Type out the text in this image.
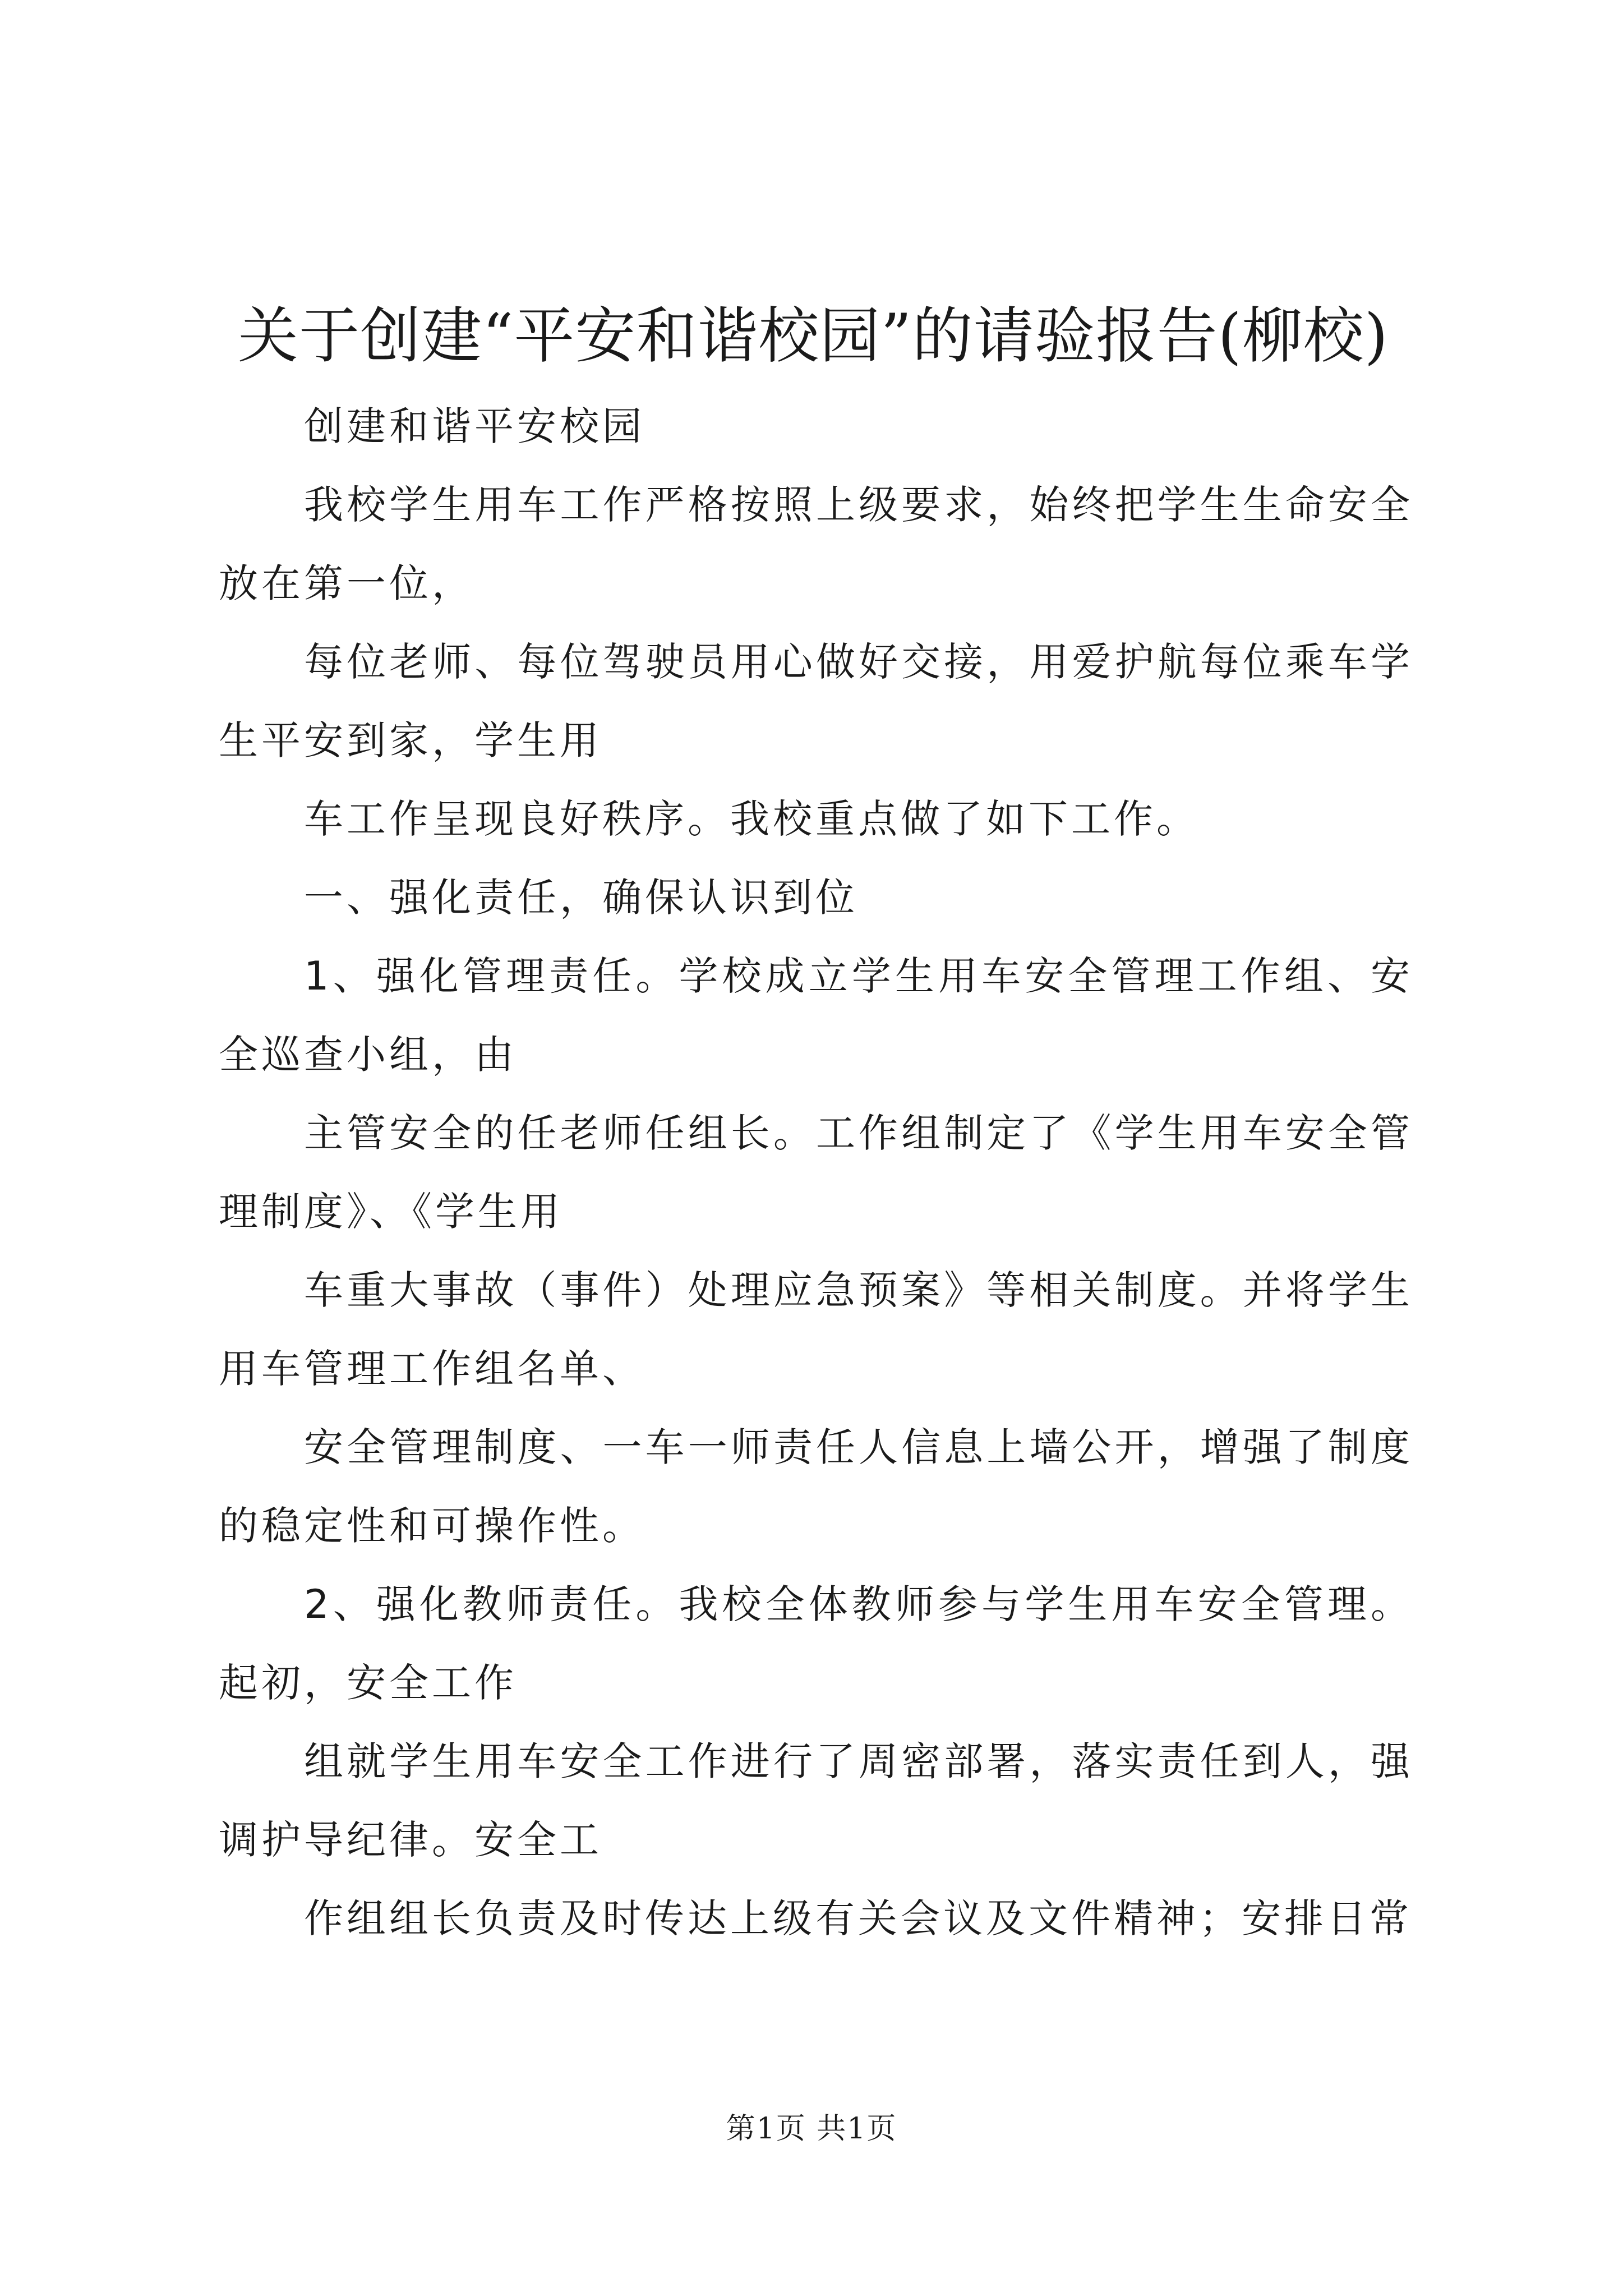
关于创建“平安和谐校园”的请验报告(柳校)

创建和谐平安校园

我校学生用车工作严格按照上级要求，始终把学生生命安全放在第一位，

每位老师、每位驾驶员用心做好交接，用爱护航每位乘车学生平安到家，学生用

车工作呈现良好秩序。我校重点做了如下工作。

一、强化责任，确保认识到位

1、强化管理责任。学校成立学生用车安全管理工作组、安全巡查小组，由

主管安全的任老师任组长。工作组制定了《学生用车安全管理制度》、《学生用

车重大事故（事件）处理应急预案》等相关制度。并将学生用车管理工作组名单、

安全管理制度、一车一师责任人信息上墙公开，增强了制度的稳定性和可操作性。

2、强化教师责任。我校全体教师参与学生用车安全管理。起初，安全工作

组就学生用车安全工作进行了周密部署，落实责任到人，强调护导纪律。安全工

作组组长负责及时传达上级有关会议及文件精神；安排日常

第1页 共1页
